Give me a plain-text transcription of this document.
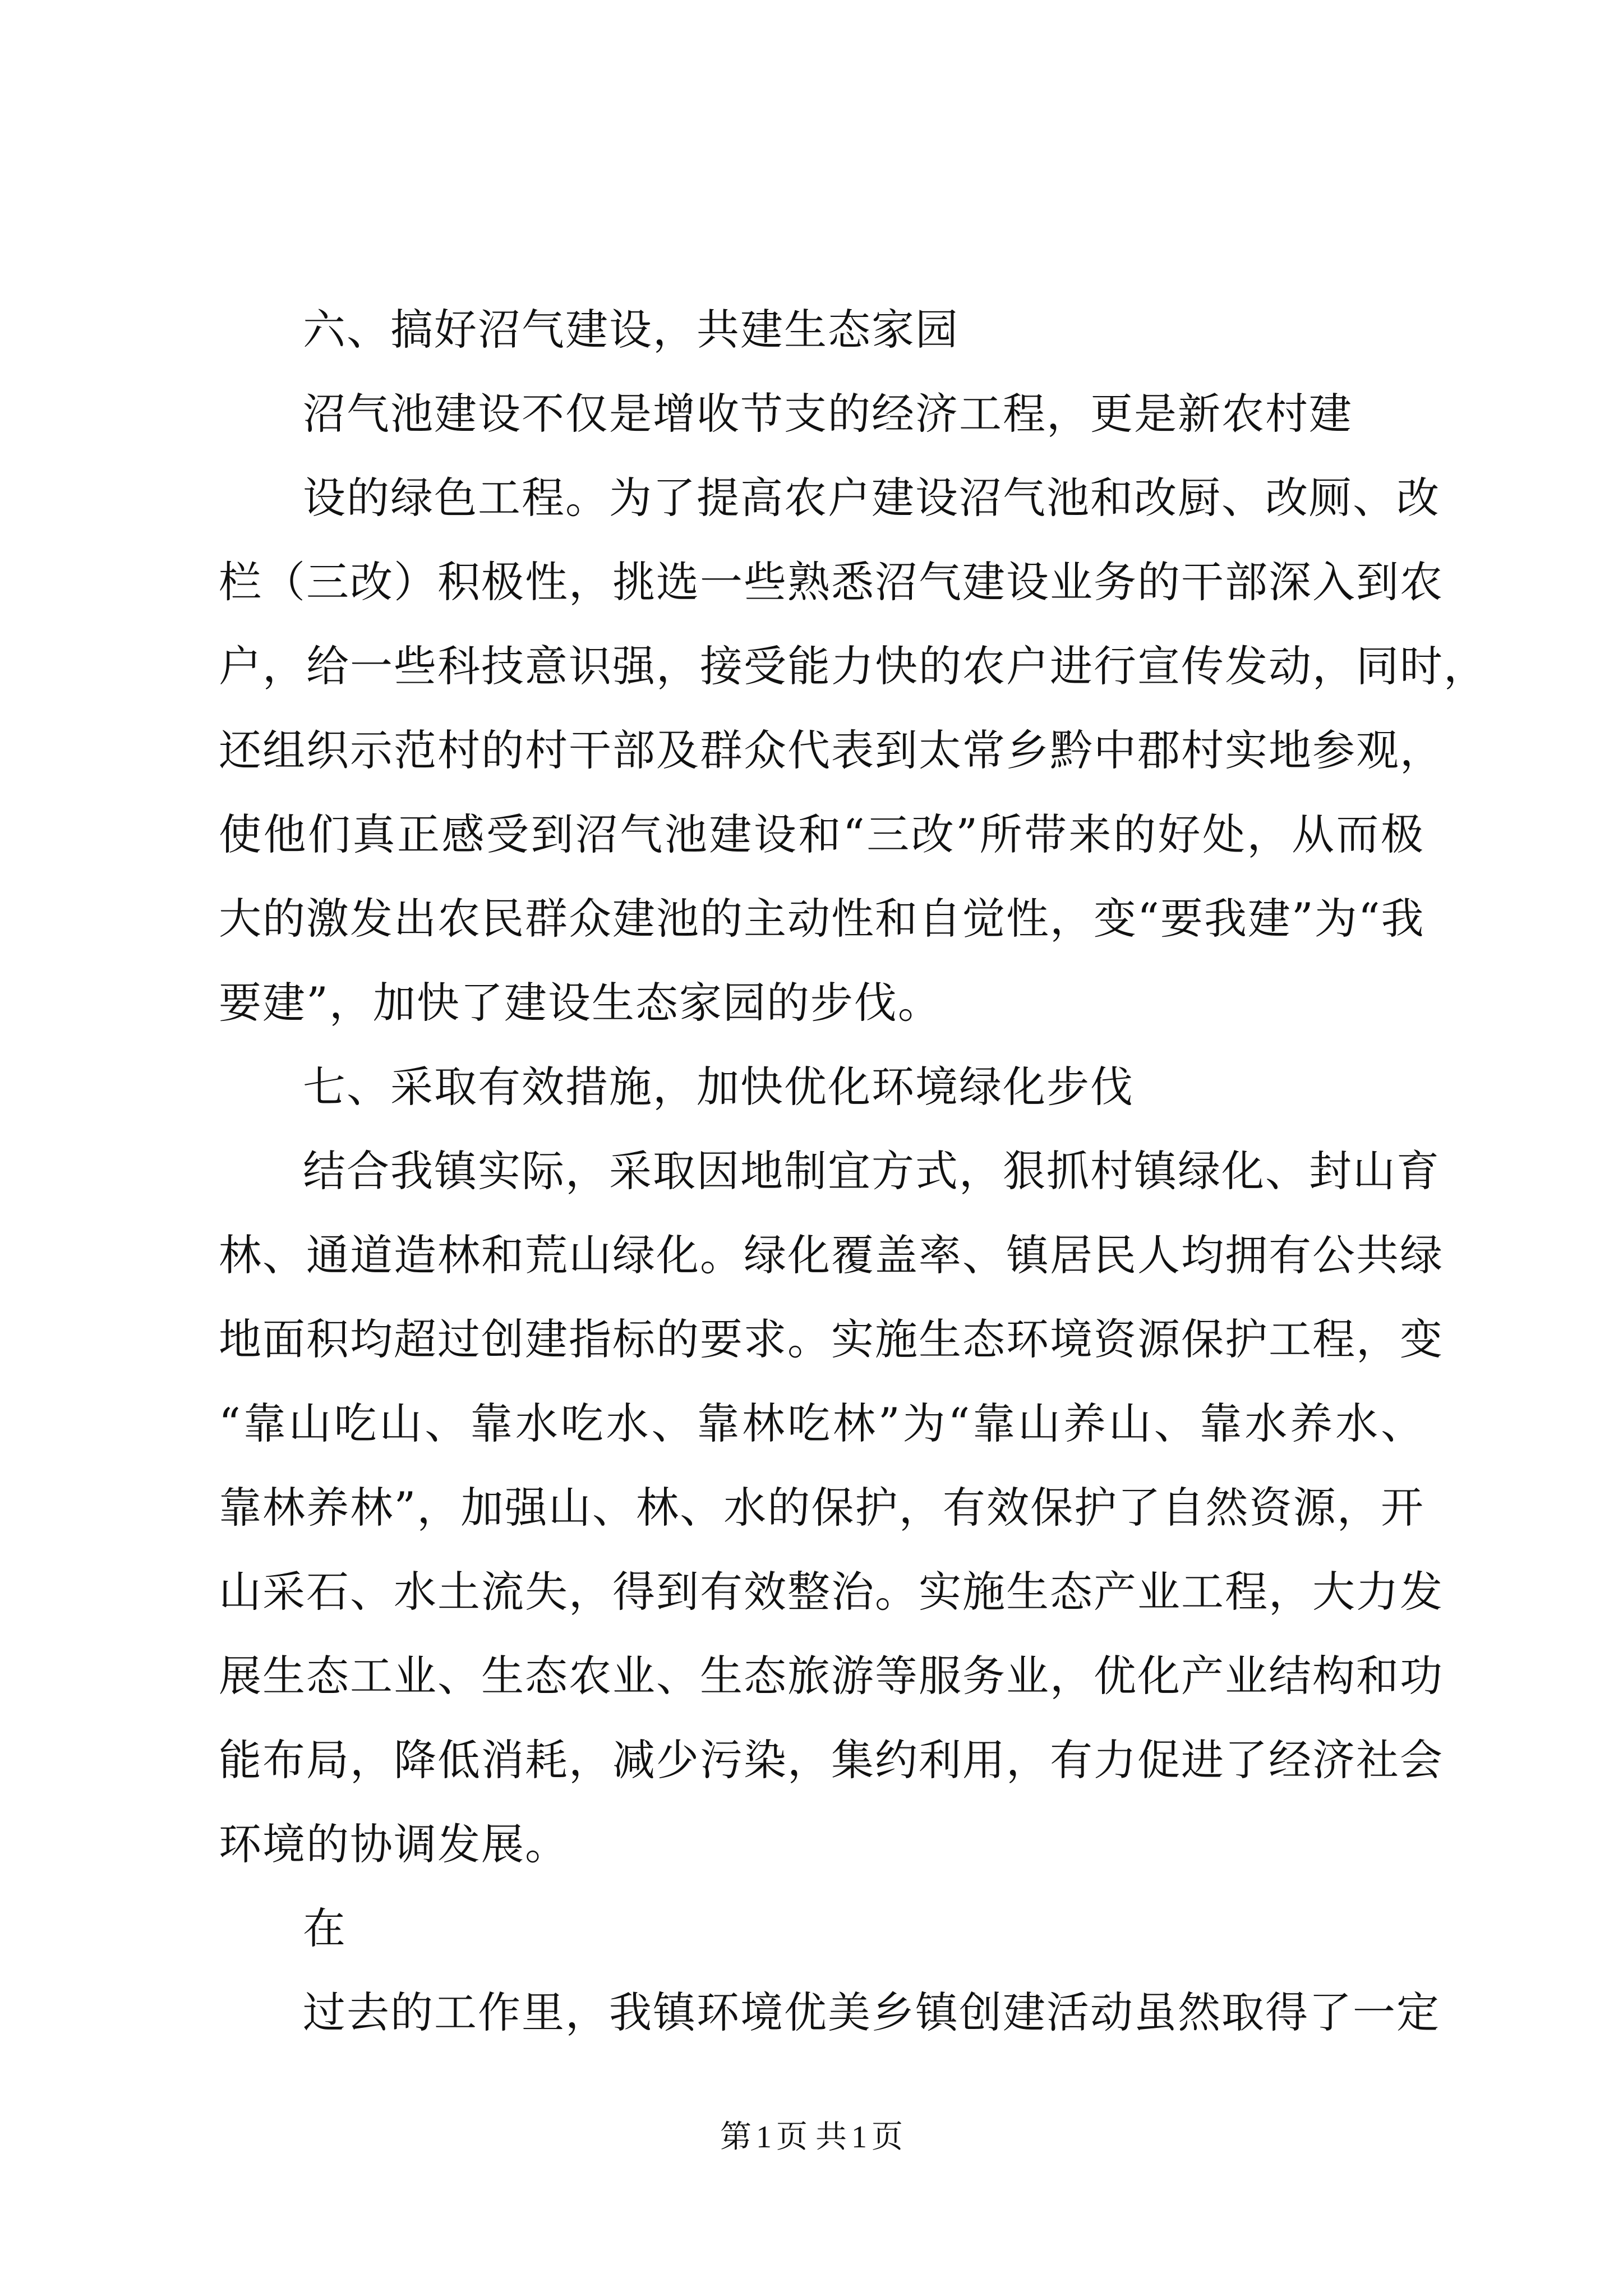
六、搞好沼气建设，共建生态家园
沼气池建设不仅是增收节支的经济工程，更是新农村建
设的绿色工程。为了提高农户建设沼气池和改厨、改厕、改
栏（三改）积极性，挑选一些熟悉沼气建设业务的干部深入到农
户，给一些科技意识强，接受能力快的农户进行宣传发动，同时，
还组织示范村的村干部及群众代表到太常乡黔中郡村实地参观，
使他们真正感受到沼气池建设和“三改”所带来的好处，从而极
大的激发出农民群众建池的主动性和自觉性，变“要我建”为“我
要建”，加快了建设生态家园的步伐。
七、采取有效措施，加快优化环境绿化步伐
结合我镇实际，采取因地制宜方式，狠抓村镇绿化、封山育
林、通道造林和荒山绿化。绿化覆盖率、镇居民人均拥有公共绿
地面积均超过创建指标的要求。实施生态环境资源保护工程，变
“靠山吃山、靠水吃水、靠林吃林”为“靠山养山、靠水养水、
靠林养林”，加强山、林、水的保护，有效保护了自然资源，开
山采石、水土流失，得到有效整治。实施生态产业工程，大力发
展生态工业、生态农业、生态旅游等服务业，优化产业结构和功
能布局，降低消耗，减少污染，集约利用，有力促进了经济社会
环境的协调发展。
在
过去的工作里，我镇环境优美乡镇创建活动虽然取得了一定
第 1 页 共 1 页
